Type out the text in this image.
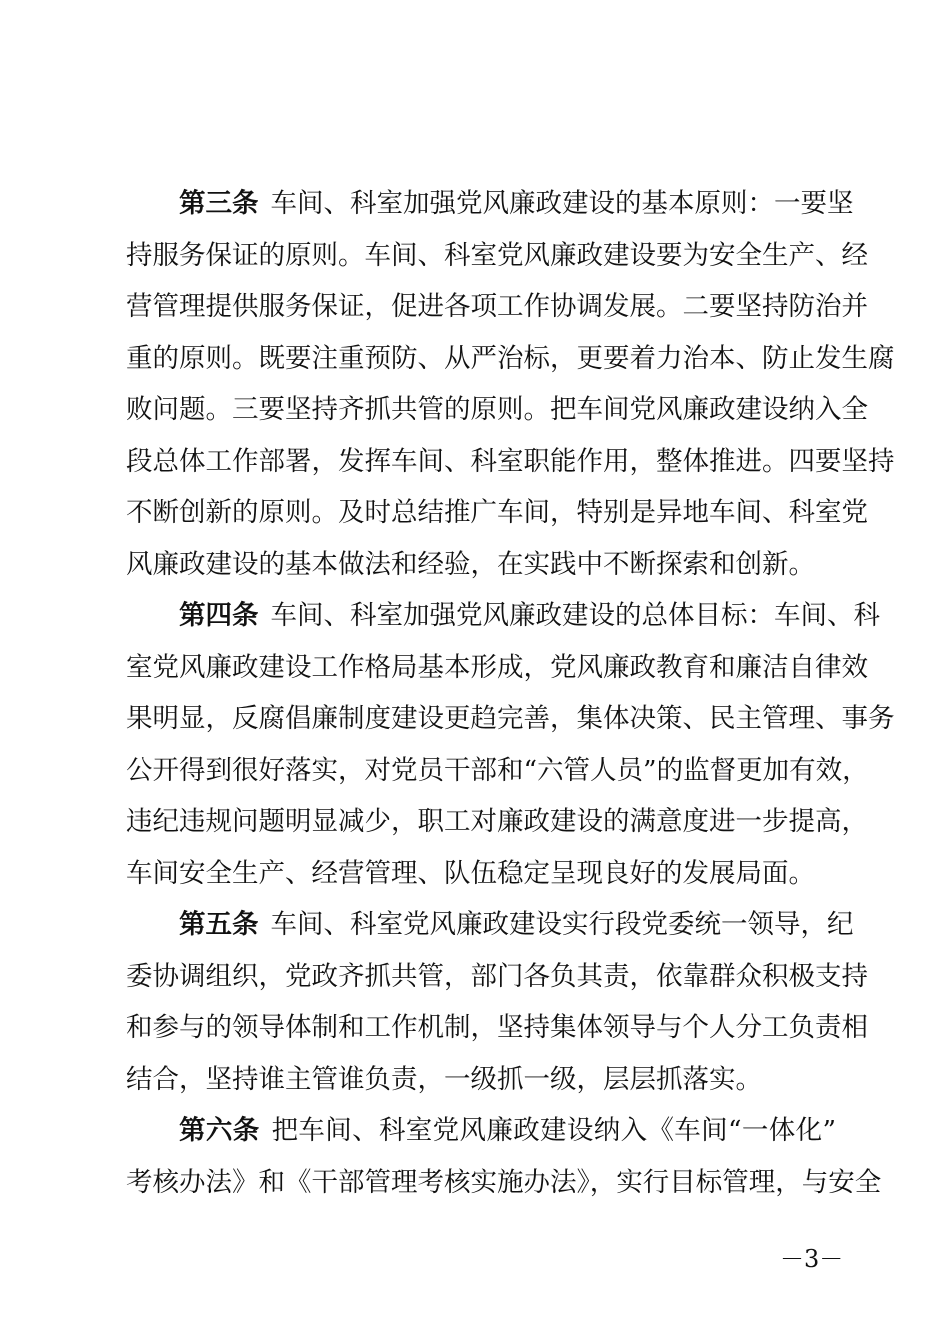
第三条 车间、科室加强党风廉政建设的基本原则：一要坚
持服务保证的原则。车间、科室党风廉政建设要为安全生产、经
营管理提供服务保证，促进各项工作协调发展。二要坚持防治并
重的原则。既要注重预防、从严治标，更要着力治本、防止发生腐
败问题。三要坚持齐抓共管的原则。把车间党风廉政建设纳入全
段总体工作部署，发挥车间、科室职能作用，整体推进。四要坚持
不断创新的原则。及时总结推广车间，特别是异地车间、科室党
风廉政建设的基本做法和经验，在实践中不断探索和创新。
第四条 车间、科室加强党风廉政建设的总体目标：车间、科
室党风廉政建设工作格局基本形成，党风廉政教育和廉洁自律效
果明显，反腐倡廉制度建设更趋完善，集体决策、民主管理、事务
公开得到很好落实，对党员干部和“六管人员”的监督更加有效，
违纪违规问题明显减少，职工对廉政建设的满意度进一步提高，
车间安全生产、经营管理、队伍稳定呈现良好的发展局面。
第五条 车间、科室党风廉政建设实行段党委统一领导，纪
委协调组织，党政齐抓共管，部门各负其责，依靠群众积极支持
和参与的领导体制和工作机制，坚持集体领导与个人分工负责相
结合，坚持谁主管谁负责，一级抓一级，层层抓落实。
第六条 把车间、科室党风廉政建设纳入《车间“一体化”
考核办法》和《干部管理考核实施办法》，实行目标管理，与安全
－3－
